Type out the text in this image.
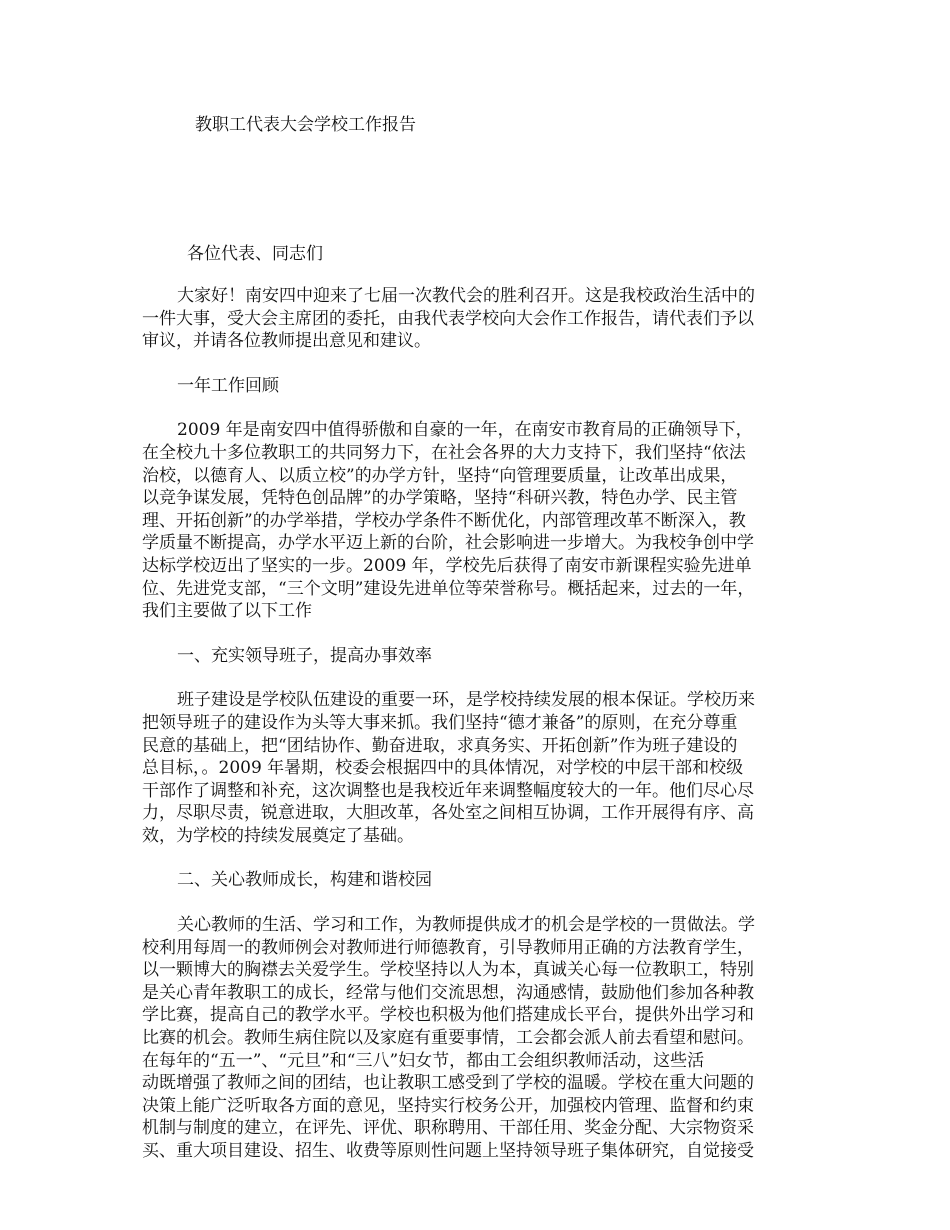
教职工代表大会学校工作报告

各位代表、同志们

大家好！南安四中迎来了七届一次教代会的胜利召开。这是我校政治生活中的
一件大事，受大会主席团的委托，由我代表学校向大会作工作报告，请代表们予以
审议，并请各位教师提出意见和建议。

一年工作回顾

2009 年是南安四中值得骄傲和自豪的一年，在南安市教育局的正确领导下，
在全校九十多位教职工的共同努力下，在社会各界的大力支持下，我们坚持“依法
治校，以德育人、以质立校”的办学方针，坚持“向管理要质量，让改革出成果，
以竞争谋发展，凭特色创品牌”的办学策略，坚持“科研兴教，特色办学、民主管
理、开拓创新”的办学举措，学校办学条件不断优化，内部管理改革不断深入，教
学质量不断提高，办学水平迈上新的台阶，社会影响进一步增大。为我校争创中学
达标学校迈出了坚实的一步。2009 年，学校先后获得了南安市新课程实验先进单
位、先进党支部，“三个文明”建设先进单位等荣誉称号。概括起来，过去的一年，
我们主要做了以下工作

一、充实领导班子，提高办事效率

班子建设是学校队伍建设的重要一环，是学校持续发展的根本保证。学校历来
把领导班子的建设作为头等大事来抓。我们坚持“德才兼备”的原则，在充分尊重
民意的基础上，把“团结协作、勤奋进取，求真务实、开拓创新”作为班子建设的
总目标，。2009 年暑期，校委会根据四中的具体情况，对学校的中层干部和校级
干部作了调整和补充，这次调整也是我校近年来调整幅度较大的一年。他们尽心尽
力，尽职尽责，锐意进取，大胆改革，各处室之间相互协调，工作开展得有序、高
效，为学校的持续发展奠定了基础。

二、关心教师成长，构建和谐校园

关心教师的生活、学习和工作，为教师提供成才的机会是学校的一贯做法。学
校利用每周一的教师例会对教师进行师德教育，引导教师用正确的方法教育学生，
以一颗博大的胸襟去关爱学生。学校坚持以人为本，真诚关心每一位教职工，特别
是关心青年教职工的成长，经常与他们交流思想，沟通感情，鼓励他们参加各种教
学比赛，提高自己的教学水平。学校也积极为他们搭建成长平台，提供外出学习和
比赛的机会。教师生病住院以及家庭有重要事情，工会都会派人前去看望和慰问。
在每年的“五一”、“元旦”和“三八”妇女节，都由工会组织教师活动，这些活
动既增强了教师之间的团结，也让教职工感受到了学校的温暖。学校在重大问题的
决策上能广泛听取各方面的意见，坚持实行校务公开，加强校内管理、监督和约束
机制与制度的建立，在评先、评优、职称聘用、干部任用、奖金分配、大宗物资采
买、重大项目建设、招生、收费等原则性问题上坚持领导班子集体研究，自觉接受
